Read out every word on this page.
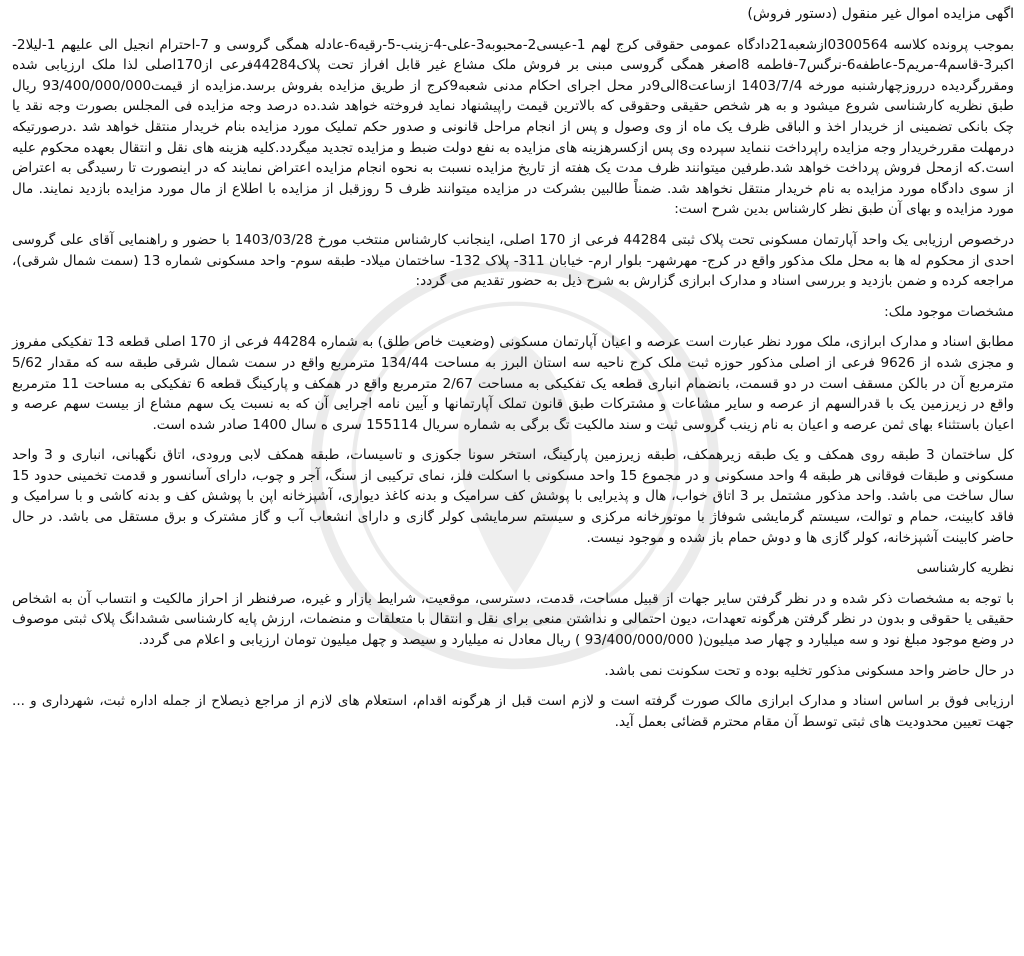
اگهی مزایده اموال غیر منقول (دستور فروش)

بموجب پرونده کلاسه 0300564ازشعبه21دادگاه عمومی حقوقی کرج لهم 1-عیسی2-محبوبه3-علی-4-زینب-5-رقیه6-عادله همگی گروسی و 7-احترام انجیل الی علیهم 1-لیلا2-اکبر3-قاسم4-مریم5-عاطفه6-نرگس7-فاطمه 8اصغر همگی گروسی مبنی بر فروش ملک مشاع غیر قابل افراز تحت پلاک44284فرعی از170اصلی لذا ملک ارزیابی شده ومقررگردیده درروزچهارشنبه مورخه 1403/7/4 ازساعت8الی9در محل اجرای احکام مدنی شعبه9کرج از طریق مزایده بفروش برسد.مزایده از قیمت93/400/000/000 ریال طبق نظریه کارشناسی شروع میشود و به هر شخص حقیقی وحقوقی که بالاترین قیمت راپیشنهاد نماید فروخته خواهد شد.ده درصد وجه مزایده فی المجلس بصورت وجه نقد یا چک بانکی تضمینی از خریدار اخذ و الباقی ظرف یک ماه از وی وصول و پس از انجام مراحل قانونی و صدور حکم تملیک مورد مزایده بنام خریدار منتقل خواهد شد .درصورتیکه درمهلت مقررخریدار وجه مزایده راپرداخت ننماید سپرده وی پس ازکسرهزینه های مزایده به نفع دولت ضبط و مزایده تجدید میگردد.کلیه هزینه های نقل و انتقال بعهده محکوم علیه است.که ازمحل فروش پرداخت خواهد شد.طرفین میتوانند ظرف مدت یک هفته از تاریخ مزایده نسبت به نحوه انجام مزایده اعتراض نمایند که در اینصورت تا رسیدگی به اعتراض از سوی دادگاه مورد مزایده به نام خریدار منتقل نخواهد شد. ضمناً طالبین بشرکت در مزایده میتوانند ظرف 5 روزقبل از مزایده با اطلاع از مال مورد مزایده بازدید نمایند. مال مورد مزایده و بهای آن طبق نظر کارشناس بدین شرح است:

درخصوص ارزیابی یک واحد آپارتمان مسکونی تحت پلاک ثبتی 44284 فرعی از 170 اصلی، اینجانب کارشناس منتخب مورخ 1403/03/28 با حضور و راهنمایی آقای علی گروسی احدی از محکوم له ها به محل ملک مذکور واقع در کرج- مهرشهر- بلوار ارم- خیابان 311- پلاک 132- ساختمان میلاد- طبقه سوم- واحد مسکونی شماره 13 (سمت شمال شرقی)، مراجعه کرده و ضمن بازدید و بررسی اسناد و مدارک ابرازی گزارش به شرح ذیل به حضور تقدیم می گردد:

مشخصات موجود ملک:

مطابق اسناد و مدارک ابرازی، ملک مورد نظر عبارت است عرصه و اعیان آپارتمان مسکونی (وضعیت خاص طلق) به شماره 44284 فرعی از 170 اصلی قطعه 13 تفکیکی مفروز و مجزی شده از 9626 فرعی از اصلی مذکور حوزه ثبت ملک کرج ناحیه سه استان البرز به مساحت 134/44 مترمربع واقع در سمت شمال شرقی طبقه سه که مقدار 5/62 مترمربع آن در بالکن مسقف است در دو قسمت، بانضمام انباری قطعه یک تفکیکی به مساحت 2/67 مترمربع واقع در همکف و پارکینگ قطعه 6 تفکیکی به مساحت 11 مترمربع واقع در زیرزمین یک با قدرالسهم از عرصه و سایر مشاعات و مشترکات طبق قانون تملک آپارتمانها و آیین نامه اجرایی آن که به نسبت یک سهم مشاع از بیست سهم عرصه و اعیان باستثناء بهای ثمن عرصه و اعیان به نام زینب گروسی ثبت و سند مالکیت تگ برگی به شماره سریال 155114 سری ه سال 1400 صادر شده است.

کل ساختمان 3 طبقه روی همکف و یک طبقه زیرهمکف، طبقه زیرزمین پارکینگ، استخر سونا جکوزی و تاسیسات، طبقه همکف لابی ورودی، اتاق نگهبانی، انباری و 3 واحد مسکونی و طبقات فوقانی هر طبقه 4 واحد مسکونی و در مجموع 15 واحد مسکونی با اسکلت فلز، نمای ترکیبی از سنگ، آجر و چوب، دارای آسانسور و قدمت تخمینی حدود 15 سال ساخت می باشد. واحد مذکور مشتمل بر 3 اتاق خواب، هال و پذیرایی با پوشش کف سرامیک و بدنه کاغذ دیواری، آشپزخانه اپن با پوشش کف و بدنه کاشی و با سرامیک و فاقد کابینت، حمام و توالت، سیستم گرمایشی شوفاژ با موتورخانه مرکزی و سیستم سرمایشی کولر گازی و دارای انشعاب آب و گاز مشترک و برق مستقل می باشد. در حال حاضر کابینت آشپزخانه، کولر گازی ها و دوش حمام باز شده و موجود نیست.

نظریه کارشناسی

با توجه به مشخصات ذکر شده و در نظر گرفتن سایر جهات از قبیل مساحت، قدمت، دسترسی، موقعیت، شرایط بازار و غیره، صرفنظر از احراز مالکیت و انتساب آن به اشخاص حقیقی یا حقوقی و بدون در نظر گرفتن هرگونه تعهدات، دیون احتمالی و نداشتن منعی برای نقل و انتقال با متعلقات و منضمات، ارزش پایه کارشناسی ششدانگ پلاک ثبتی موصوف در وضع موجود مبلغ نود و سه میلیارد و چهار صد میلیون( 93/400/000/000 ) ریال معادل نه میلیارد و سیصد و چهل میلیون تومان ارزیابی و اعلام می گردد.

در حال حاضر واحد مسکونی مذکور تخلیه بوده و تحت سکونت نمی باشد.

ارزیابی فوق بر اساس اسناد و مدارک ابرازی مالک صورت گرفته است و لازم است قبل از هرگونه اقدام، استعلام های لازم از مراجع ذیصلاح از جمله اداره ثبت، شهرداری و ... جهت تعیین محدودیت های ثبتی توسط آن مقام محترم قضائی بعمل آید.
